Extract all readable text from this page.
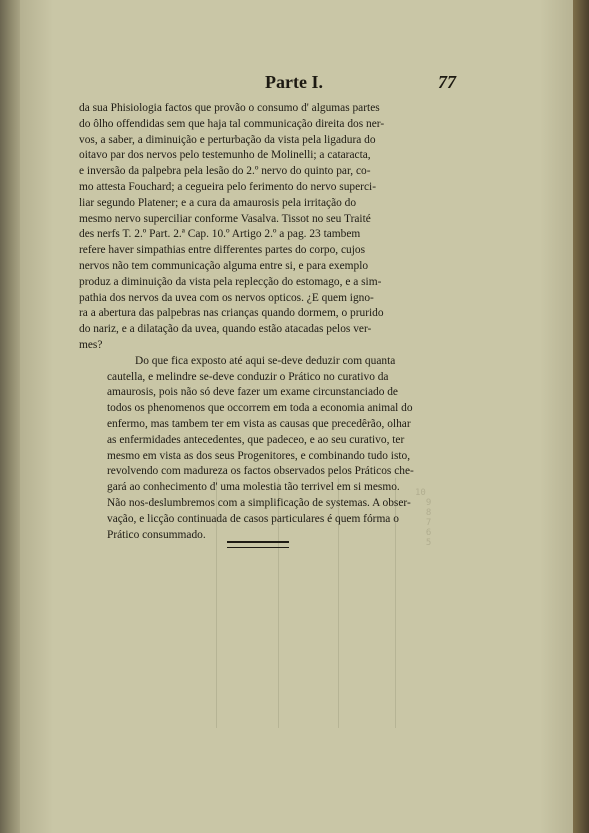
10
9
8
7
6
5
Parte I.	77

da sua Phisiologia factos que provão o consumo d' algumas partes
do ôlho offendidas sem que haja tal communicação direita dos ner-
vos, a saber, a diminuição e perturbação da vista pela ligadura do
oitavo par dos nervos pelo testemunho de Molinelli; a cataracta,
e inversão da palpebra pela lesão do 2.º nervo do quinto par, co-
mo attesta Fouchard; a cegueira pelo ferimento do nervo superci-
liar segundo Platener; e a cura da amaurosis pela irritação do
mesmo nervo superciliar conforme Vasalva. Tissot no seu Traité
des nerfs T. 2.º Part. 2.ª Cap. 10.º Artigo 2.º a pag. 23 tambem
refere haver simpathias entre differentes partes do corpo, cujos
nervos não tem communicação alguma entre si, e para exemplo
produz a diminuição da vista pela replecção do estomago, e a sim-
pathia dos nervos da uvea com os nervos opticos. ¿E quem igno-
ra a abertura das palpebras nas crianças quando dormem, o prurido
do nariz, e a dilatação da uvea, quando estão atacadas pelos ver-
mes?

Do que fica exposto até aqui se-deve deduzir com quanta
cautella, e melindre se-deve conduzir o Prático no curativo da
amaurosis, pois não só deve fazer um exame circunstanciado de
todos os phenomenos que occorrem em toda a economia animal do
enfermo, mas tambem ter em vista as causas que precedêrão, olhar
as enfermidades antecedentes, que padeceo, e ao seu curativo, ter
mesmo em vista as dos seus Progenitores, e combinando tudo isto,
revolvendo com madureza os factos observados pelos Práticos che-
gará ao conhecimento d' uma molestia tão terrivel em si mesmo.
Não nos-deslumbremos com a simplificação de systemas. A obser-
vação, e licção continuada de casos particulares é quem fórma o
Prático consummado.
